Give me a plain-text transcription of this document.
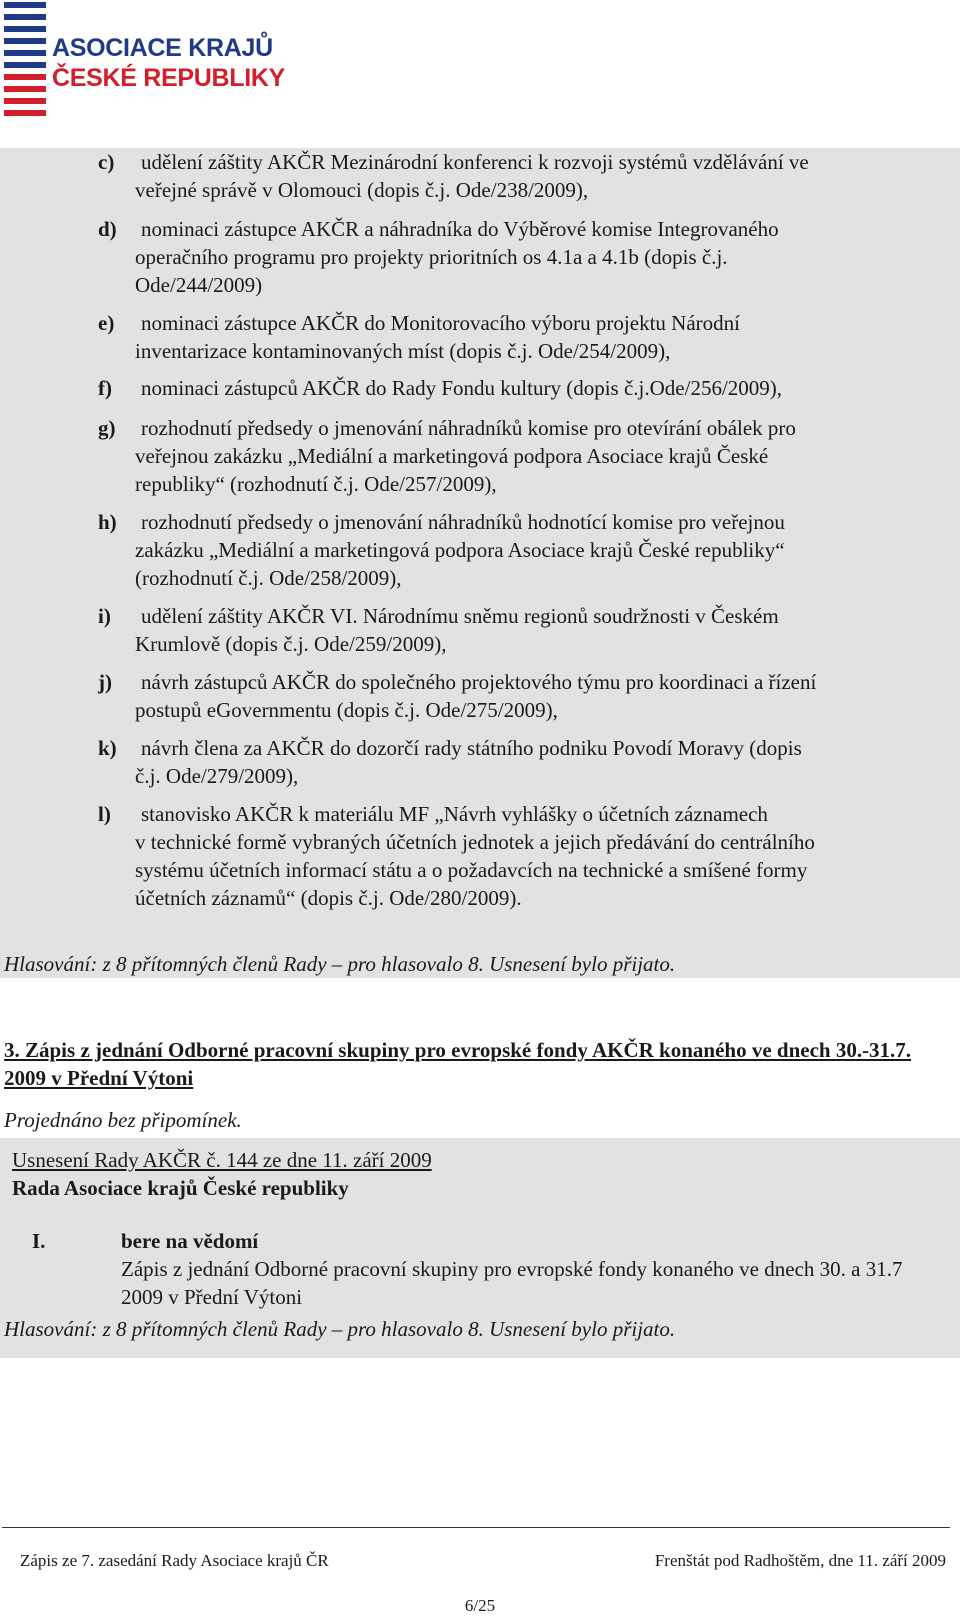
ASOCIACE KRAJŮ
ČESKÉ REPUBLIKY
c)	udělení záštity AKČR Mezinárodní konferenci k rozvoji systémů vzdělávání ve
veřejné správě v Olomouci (dopis č.j. Ode/238/2009),
d)	nominaci zástupce AKČR a náhradníka do Výběrové komise Integrovaného
operačního programu pro projekty prioritních os 4.1a a 4.1b (dopis č.j.
Ode/244/2009)
e)	nominaci zástupce AKČR do Monitorovacího výboru projektu Národní
inventarizace kontaminovaných míst (dopis č.j. Ode/254/2009),
f)	nominaci zástupců AKČR do Rady Fondu kultury (dopis č.j.Ode/256/2009),
g)	rozhodnutí předsedy o jmenování náhradníků komise pro otevírání obálek pro
veřejnou zakázku „Mediální a marketingová podpora Asociace krajů České
republiky“ (rozhodnutí č.j. Ode/257/2009),
h)	rozhodnutí předsedy o jmenování náhradníků hodnotící komise pro veřejnou
zakázku „Mediální a marketingová podpora Asociace krajů České republiky“
(rozhodnutí č.j. Ode/258/2009),
i)	udělení záštity AKČR VI. Národnímu sněmu regionů soudržnosti v Českém
Krumlově (dopis č.j. Ode/259/2009),
j)	návrh zástupců AKČR do společného projektového týmu pro koordinaci a řízení
postupů eGovernmentu (dopis č.j. Ode/275/2009),
k)	návrh člena za AKČR do dozorčí rady státního podniku Povodí Moravy (dopis
č.j. Ode/279/2009),
l)	stanovisko AKČR k materiálu MF „Návrh vyhlášky o účetních záznamech
v technické formě vybraných účetních jednotek a jejich předávání do centrálního
systému účetních informací státu a o požadavcích na technické a smíšené formy
účetních záznamů“ (dopis č.j. Ode/280/2009).
Hlasování: z 8 přítomných členů Rady – pro hlasovalo 8. Usnesení bylo přijato.
3. Zápis z jednání Odborné pracovní skupiny pro evropské fondy AKČR konaného ve dnech 30.-31.7. 2009 v Přední Výtoni
Projednáno bez připomínek.
Usnesení Rady AKČR č. 144 ze dne 11. září 2009
Rada Asociace krajů České republiky
I.	bere na vědomí
Zápis z jednání Odborné pracovní skupiny pro evropské fondy konaného ve dnech 30. a 31.7 2009 v Přední Výtoni
Hlasování: z 8 přítomných členů Rady – pro hlasovalo 8. Usnesení bylo přijato.
Zápis ze 7. zasedání Rady Asociace krajů ČR	Frenštát pod Radhoštěm, dne 11. září 2009
6/25
